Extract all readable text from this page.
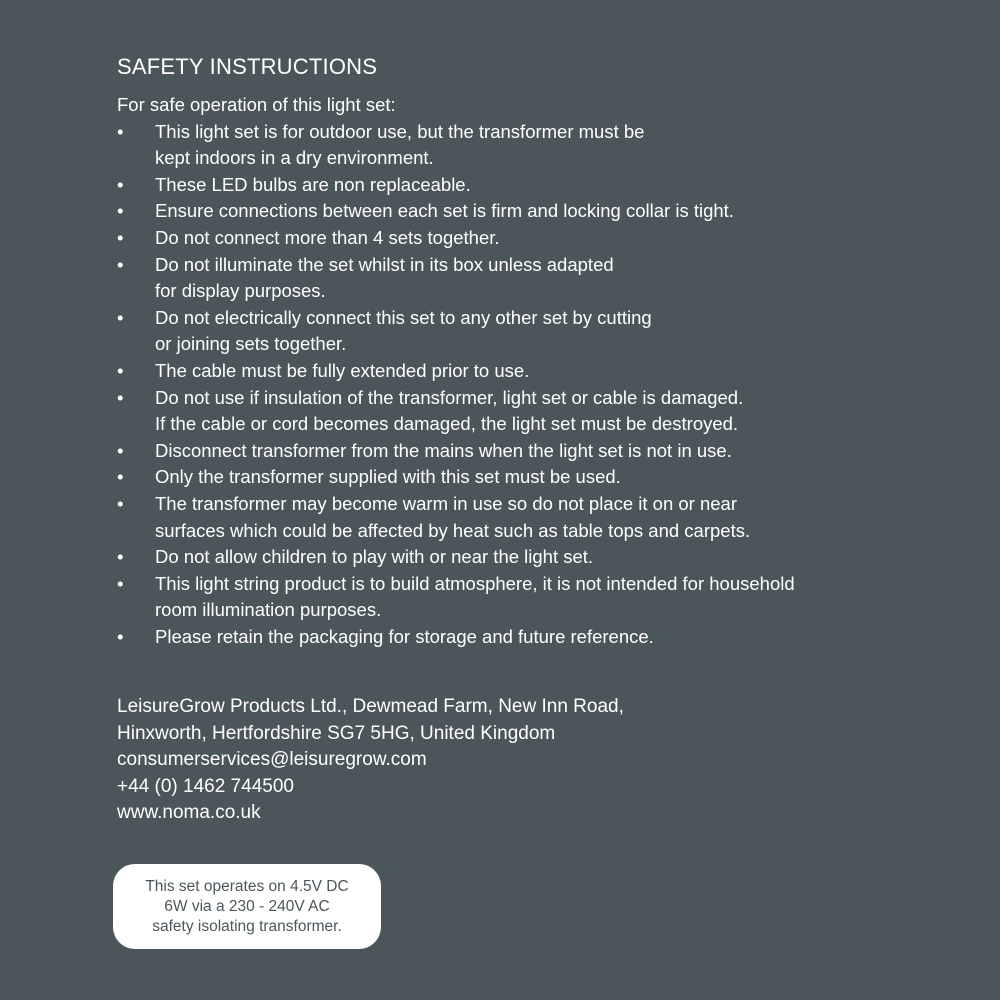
SAFETY INSTRUCTIONS

For safe operation of this light set:

•	This light set is for outdoor use, but the transformer must be
kept indoors in a dry environment.
•	These LED bulbs are non replaceable.
•	Ensure connections between each set is firm and locking collar is tight.
•	Do not connect more than 4 sets together.
•	Do not illuminate the set whilst in its box unless adapted
for display purposes.
•	Do not electrically connect this set to any other set by cutting
or joining sets together.
•	The cable must be fully extended prior to use.
•	Do not use if insulation of the transformer, light set or cable is damaged.
If the cable or cord becomes damaged, the light set must be destroyed.
•	Disconnect transformer from the mains when the light set is not in use.
•	Only the transformer supplied with this set must be used.
•	The transformer may become warm in use so do not place it on or near
surfaces which could be affected by heat such as table tops and carpets.
•	Do not allow children to play with or near the light set.
•	This light string product is to build atmosphere, it is not intended for household
room illumination purposes.
•	Please retain the packaging for storage and future reference.
LeisureGrow Products Ltd., Dewmead Farm, New Inn Road,
Hinxworth, Hertfordshire SG7 5HG, United Kingdom
consumerservices@leisuregrow.com
+44 (0) 1462 744500
www.noma.co.uk
This set operates on 4.5V DC
6W via a 230 - 240V AC
safety isolating transformer.
